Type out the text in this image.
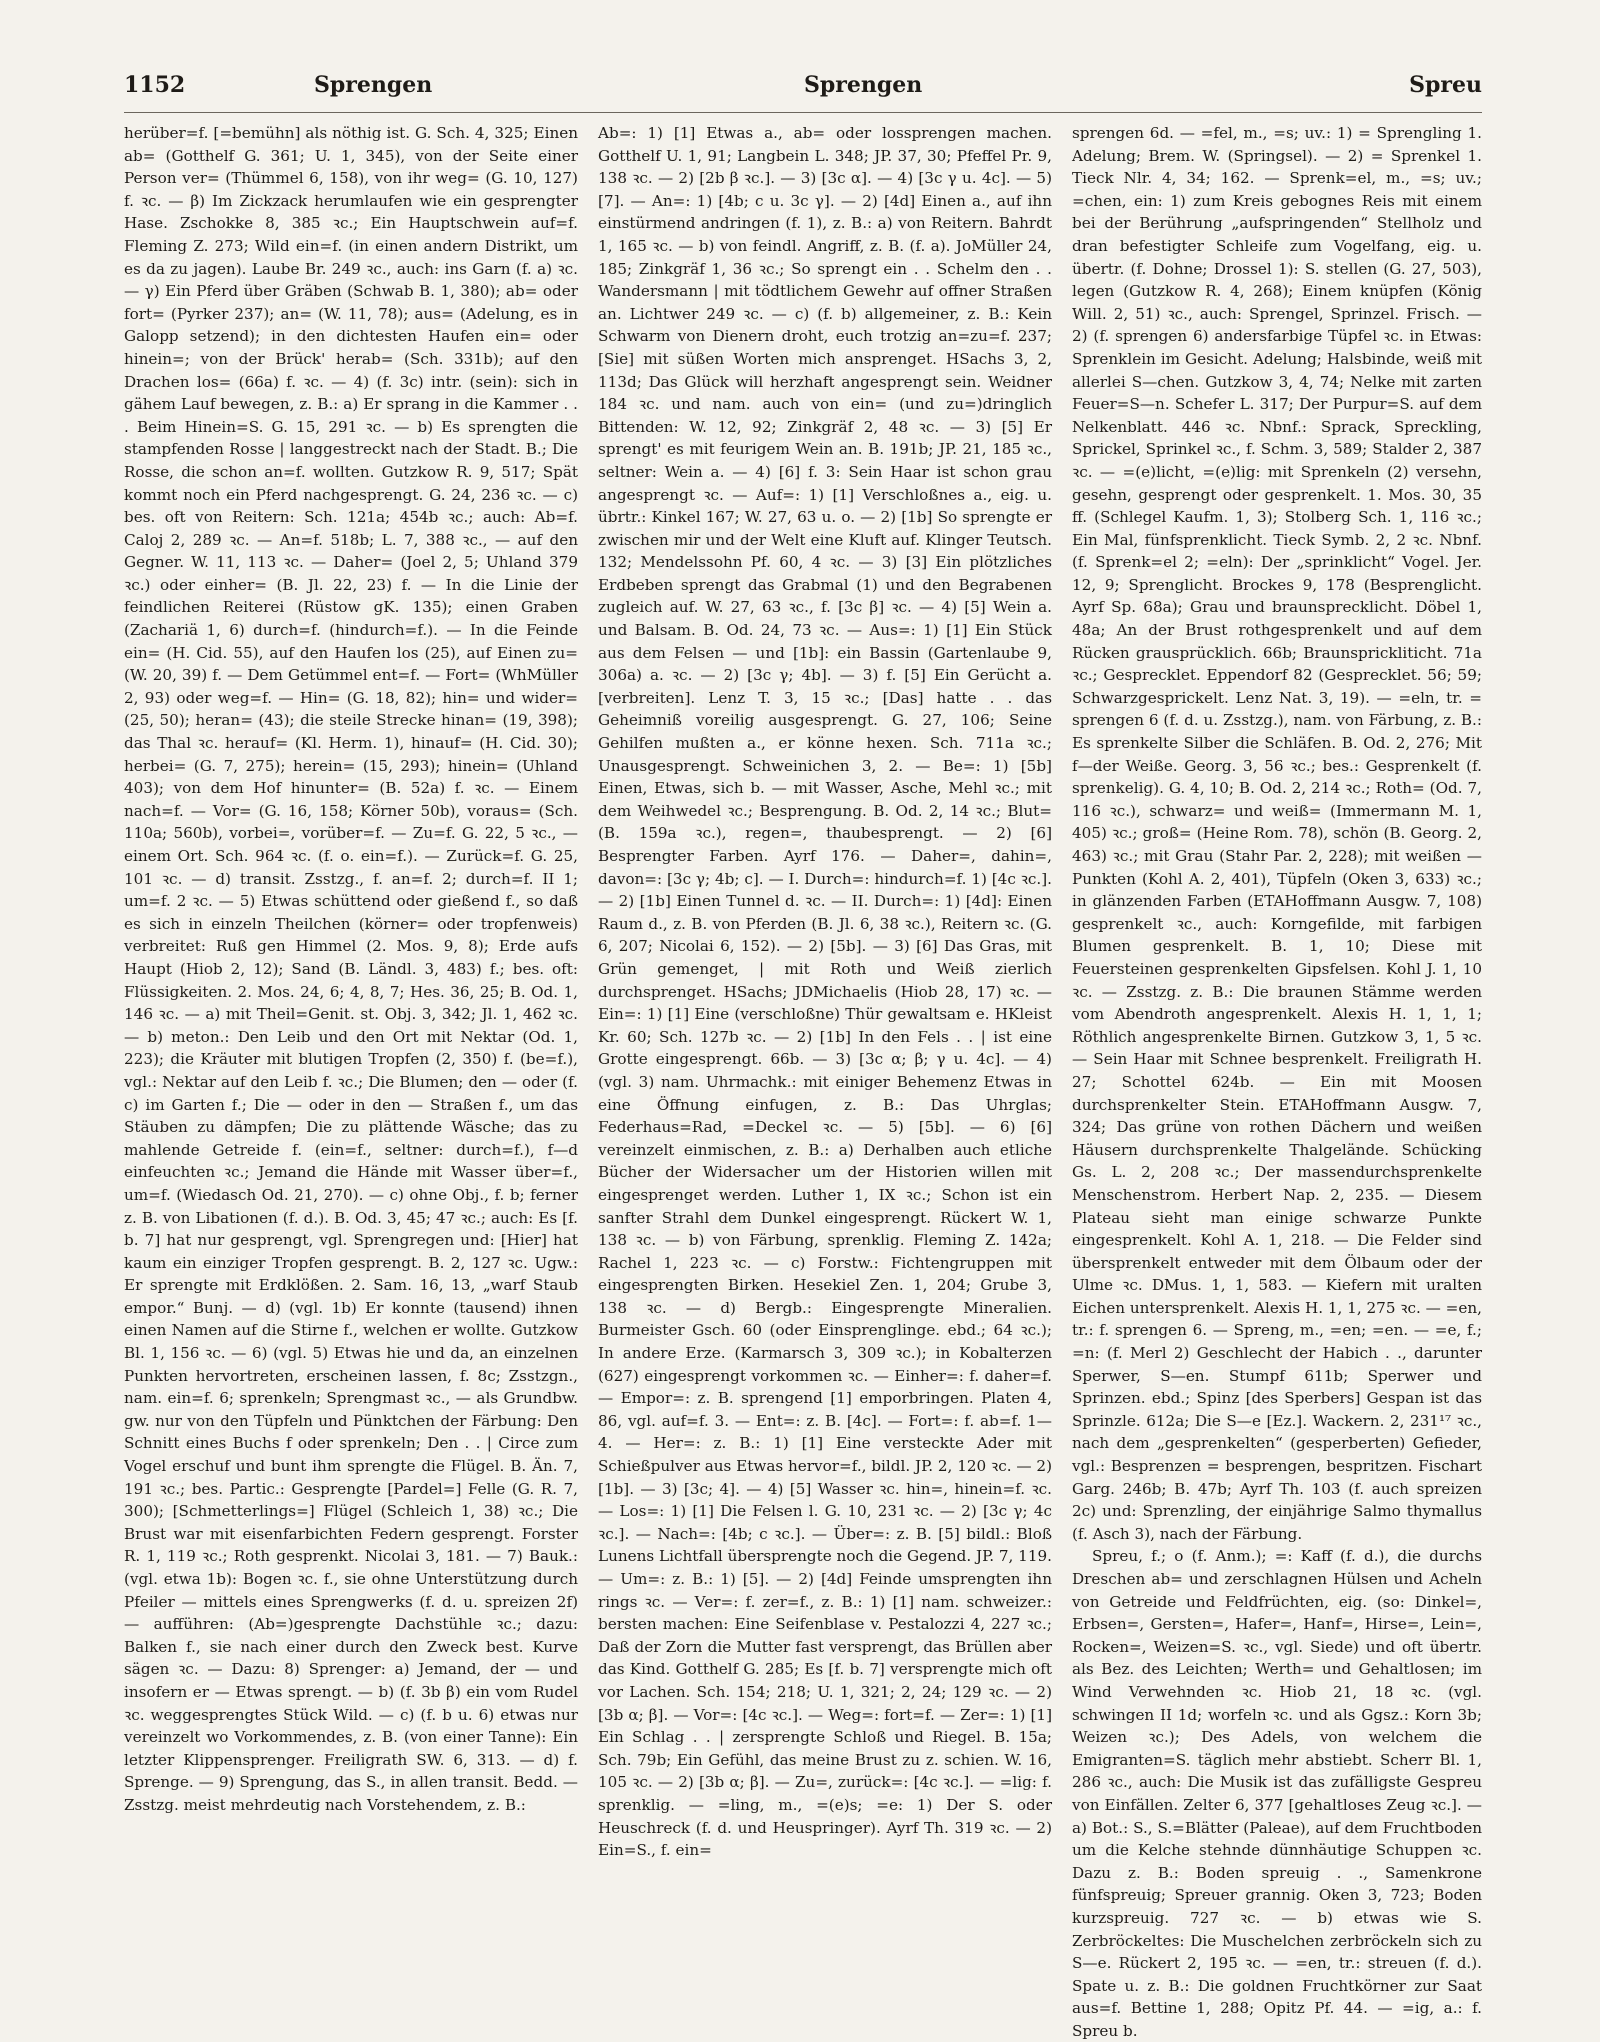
1152	Sprengen	Sprengen	Spreu

herüber=f. [=bemühn] als nöthig ist. G. Sch. 4, 325; Einen ab= (Gotthelf G. 361; U. 1, 345), von der Seite einer Person ver= (Thümmel 6, 158), von ihr weg= (G. 10, 127) f. ꝛc. — β) Im Zickzack herumlaufen wie ein gesprengter Hase. Zschokke 8, 385 ꝛc.; Ein Hauptschwein auf=f. Fleming Z. 273; Wild ein=f. (in einen andern Distrikt, um es da zu jagen). Laube Br. 249 ꝛc., auch: ins Garn (f. a) ꝛc. — γ) Ein Pferd über Gräben (Schwab B. 1, 380); ab= oder fort= (Pyrker 237); an= (W. 11, 78); aus= (Adelung, es in Galopp setzend); in den dichtesten Haufen ein= oder hinein=; von der Brück' herab= (Sch. 331b); auf den Drachen los= (66a) f. ꝛc. — 4) (f. 3c) intr. (sein): sich in gähem Lauf bewegen, z. B.: a) Er sprang in die Kammer . . . Beim Hinein=S. G. 15, 291 ꝛc. — b) Es sprengten die stampfenden Rosse | langgestreckt nach der Stadt. B.; Die Rosse, die schon an=f. wollten. Gutzkow R. 9, 517; Spät kommt noch ein Pferd nachgesprengt. G. 24, 236 ꝛc. — c) bes. oft von Reitern: Sch. 121a; 454b ꝛc.; auch: Ab=f. Caloj 2, 289 ꝛc. — An=f. 518b; L. 7, 388 ꝛc., — auf den Gegner. W. 11, 113 ꝛc. — Daher= (Joel 2, 5; Uhland 379 ꝛc.) oder einher= (B. Jl. 22, 23) f. — In die Linie der feindlichen Reiterei (Rüstow gK. 135); einen Graben (Zachariä 1, 6) durch=f. (hindurch=f.). — In die Feinde ein= (H. Cid. 55), auf den Haufen los (25), auf Einen zu= (W. 20, 39) f. — Dem Getümmel ent=f. — Fort= (WhMüller 2, 93) oder weg=f. — Hin= (G. 18, 82); hin= und wider= (25, 50); heran= (43); die steile Strecke hinan= (19, 398); das Thal ꝛc. herauf= (Kl. Herm. 1), hinauf= (H. Cid. 30); herbei= (G. 7, 275); herein= (15, 293); hinein= (Uhland 403); von dem Hof hinunter= (B. 52a) f. ꝛc. — Einem nach=f. — Vor= (G. 16, 158; Körner 50b), voraus= (Sch. 110a; 560b), vorbei=, vorüber=f. — Zu=f. G. 22, 5 ꝛc., — einem Ort. Sch. 964 ꝛc. (f. o. ein=f.). — Zurück=f. G. 25, 101 ꝛc. — d) transit. Zsstzg., f. an=f. 2; durch=f. II 1; um=f. 2 ꝛc. — 5) Etwas schüttend oder gießend f., so daß es sich in einzeln Theilchen (körner= oder tropfenweis) verbreitet: Ruß gen Himmel (2. Mos. 9, 8); Erde aufs Haupt (Hiob 2, 12); Sand (B. Ländl. 3, 483) f.; bes. oft: Flüssigkeiten. 2. Mos. 24, 6; 4, 8, 7; Hes. 36, 25; B. Od. 1, 146 ꝛc. — a) mit Theil=Genit. st. Obj. 3, 342; Jl. 1, 462 ꝛc. — b) meton.: Den Leib und den Ort mit Nektar (Od. 1, 223); die Kräuter mit blutigen Tropfen (2, 350) f. (be=f.), vgl.: Nektar auf den Leib f. ꝛc.; Die Blumen; den — oder (f. c) im Garten f.; Die — oder in den — Straßen f., um das Stäuben zu dämpfen; Die zu plättende Wäsche; das zu mahlende Getreide f. (ein=f., seltner: durch=f.), f—d einfeuchten ꝛc.; Jemand die Hände mit Wasser über=f., um=f. (Wiedasch Od. 21, 270). — c) ohne Obj., f. b; ferner z. B. von Libationen (f. d.). B. Od. 3, 45; 47 ꝛc.; auch: Es [f. b. 7] hat nur gesprengt, vgl. Sprengregen und: [Hier] hat kaum ein einziger Tropfen gesprengt. B. 2, 127 ꝛc. Ugw.: Er sprengte mit Erdklößen. 2. Sam. 16, 13, „warf Staub empor.“ Bunj. — d) (vgl. 1b) Er konnte (tausend) ihnen einen Namen auf die Stirne f., welchen er wollte. Gutzkow Bl. 1, 156 ꝛc. — 6) (vgl. 5) Etwas hie und da, an einzelnen Punkten hervortreten, erscheinen lassen, f. 8c; Zsstzgn., nam. ein=f. 6; sprenkeln; Sprengmast ꝛc., — als Grundbw. gw. nur von den Tüpfeln und Pünktchen der Färbung: Den Schnitt eines Buchs f oder sprenkeln; Den . . | Circe zum Vogel erschuf und bunt ihm sprengte die Flügel. B. Än. 7, 191 ꝛc.; bes. Partic.: Gesprengte [Pardel=] Felle (G. R. 7, 300); [Schmetterlings=] Flügel (Schleich 1, 38) ꝛc.; Die Brust war mit eisenfarbichten Federn gesprengt. Forster R. 1, 119 ꝛc.; Roth gesprenkt. Nicolai 3, 181. — 7) Bauk.: (vgl. etwa 1b): Bogen ꝛc. f., sie ohne Unterstützung durch Pfeiler — mittels eines Sprengwerks (f. d. u. spreizen 2f) — aufführen: (Ab=)gesprengte Dachstühle ꝛc.; dazu: Balken f., sie nach einer durch den Zweck best. Kurve sägen ꝛc. — Dazu: 8) Sprenger: a) Jemand, der — und insofern er — Etwas sprengt. — b) (f. 3b β) ein vom Rudel ꝛc. weggesprengtes Stück Wild. — c) (f. b u. 6) etwas nur vereinzelt wo Vorkommendes, z. B. (von einer Tanne): Ein letzter Klippensprenger. Freiligrath SW. 6, 313. — d) f. Sprenge. — 9) Sprengung, das S., in allen transit. Bedd. — Zsstzg. meist mehrdeutig nach Vorstehendem, z. B.:

Ab=: 1) [1] Etwas a., ab= oder lossprengen machen. Gotthelf U. 1, 91; Langbein L. 348; JP. 37, 30; Pfeffel Pr. 9, 138 ꝛc. — 2) [2b β ꝛc.]. — 3) [3c α]. — 4) [3c γ u. 4c]. — 5) [7]. — An=: 1) [4b; c u. 3c γ]. — 2) [4d] Einen a., auf ihn einstürmend andringen (f. 1), z. B.: a) von Reitern. Bahrdt 1, 165 ꝛc. — b) von feindl. Angriff, z. B. (f. a). JoMüller 24, 185; Zinkgräf 1, 36 ꝛc.; So sprengt ein . . Schelm den . . Wandersmann | mit tödtlichem Gewehr auf offner Straßen an. Lichtwer 249 ꝛc. — c) (f. b) allgemeiner, z. B.: Kein Schwarm von Dienern droht, euch trotzig an=zu=f. 237; [Sie] mit süßen Worten mich ansprenget. HSachs 3, 2, 113d; Das Glück will herzhaft angesprengt sein. Weidner 184 ꝛc. und nam. auch von ein= (und zu=)dringlich Bittenden: W. 12, 92; Zinkgräf 2, 48 ꝛc. — 3) [5] Er sprengt' es mit feurigem Wein an. B. 191b; JP. 21, 185 ꝛc., seltner: Wein a. — 4) [6] f. 3: Sein Haar ist schon grau angesprengt ꝛc. — Auf=: 1) [1] Verschloßnes a., eig. u. übrtr.: Kinkel 167; W. 27, 63 u. o. — 2) [1b] So sprengte er zwischen mir und der Welt eine Kluft auf. Klinger Teutsch. 132; Mendelssohn Pf. 60, 4 ꝛc. — 3) [3] Ein plötzliches Erdbeben sprengt das Grabmal (1) und den Begrabenen zugleich auf. W. 27, 63 ꝛc., f. [3c β] ꝛc. — 4) [5] Wein a. und Balsam. B. Od. 24, 73 ꝛc. — Aus=: 1) [1] Ein Stück aus dem Felsen — und [1b]: ein Bassin (Gartenlaube 9, 306a) a. ꝛc. — 2) [3c γ; 4b]. — 3) f. [5] Ein Gerücht a. [verbreiten]. Lenz T. 3, 15 ꝛc.; [Das] hatte . . das Geheimniß voreilig ausgesprengt. G. 27, 106; Seine Gehilfen mußten a., er könne hexen. Sch. 711a ꝛc.; Unausgesprengt. Schweinichen 3, 2. — Be=: 1) [5b] Einen, Etwas, sich b. — mit Wasser, Asche, Mehl ꝛc.; mit dem Weihwedel ꝛc.; Besprengung. B. Od. 2, 14 ꝛc.; Blut= (B. 159a ꝛc.), regen=, thaubesprengt. — 2) [6] Besprengter Farben. Ayrf 176. — Daher=, dahin=, davon=: [3c γ; 4b; c]. — I. Durch=: hindurch=f. 1) [4c ꝛc.]. — 2) [1b] Einen Tunnel d. ꝛc. — II. Durch=: 1) [4d]: Einen Raum d., z. B. von Pferden (B. Jl. 6, 38 ꝛc.), Reitern ꝛc. (G. 6, 207; Nicolai 6, 152). — 2) [5b]. — 3) [6] Das Gras, mit Grün gemenget, | mit Roth und Weiß zierlich durchsprenget. HSachs; JDMichaelis (Hiob 28, 17) ꝛc. — Ein=: 1) [1] Eine (verschloßne) Thür gewaltsam e. HKleist Kr. 60; Sch. 127b ꝛc. — 2) [1b] In den Fels . . | ist eine Grotte eingesprengt. 66b. — 3) [3c α; β; γ u. 4c]. — 4) (vgl. 3) nam. Uhrmachk.: mit einiger Behemenz Etwas in eine Öffnung einfugen, z. B.: Das Uhrglas; Federhaus=Rad, =Deckel ꝛc. — 5) [5b]. — 6) [6] vereinzelt einmischen, z. B.: a) Derhalben auch etliche Bücher der Widersacher um der Historien willen mit eingesprenget werden. Luther 1, IX ꝛc.; Schon ist ein sanfter Strahl dem Dunkel eingesprengt. Rückert W. 1, 138 ꝛc. — b) von Färbung, sprenklig. Fleming Z. 142a; Rachel 1, 223 ꝛc. — c) Forstw.: Fichtengruppen mit eingesprengten Birken. Hesekiel Zen. 1, 204; Grube 3, 138 ꝛc. — d) Bergb.: Eingesprengte Mineralien. Burmeister Gsch. 60 (oder Einsprenglinge. ebd.; 64 ꝛc.); In andere Erze. (Karmarsch 3, 309 ꝛc.); in Kobalterzen (627) eingesprengt vorkommen ꝛc. — Einher=: f. daher=f. — Empor=: z. B. sprengend [1] emporbringen. Platen 4, 86, vgl. auf=f. 3. — Ent=: z. B. [4c]. — Fort=: f. ab=f. 1—4. — Her=: z. B.: 1) [1] Eine versteckte Ader mit Schießpulver aus Etwas hervor=f., bildl. JP. 2, 120 ꝛc. — 2) [1b]. — 3) [3c; 4]. — 4) [5] Wasser ꝛc. hin=, hinein=f. ꝛc. — Los=: 1) [1] Die Felsen l. G. 10, 231 ꝛc. — 2) [3c γ; 4c ꝛc.]. — Nach=: [4b; c ꝛc.]. — Über=: z. B. [5] bildl.: Bloß Lunens Lichtfall übersprengte noch die Gegend. JP. 7, 119. — Um=: z. B.: 1) [5]. — 2) [4d] Feinde umsprengten ihn rings ꝛc. — Ver=: f. zer=f., z. B.: 1) [1] nam. schweizer.: bersten machen: Eine Seifenblase v. Pestalozzi 4, 227 ꝛc.; Daß der Zorn die Mutter fast versprengt, das Brüllen aber das Kind. Gotthelf G. 285; Es [f. b. 7] versprengte mich oft vor Lachen. Sch. 154; 218; U. 1, 321; 2, 24; 129 ꝛc. — 2) [3b α; β]. — Vor=: [4c ꝛc.]. — Weg=: fort=f. — Zer=: 1) [1] Ein Schlag . . | zersprengte Schloß und Riegel. B. 15a; Sch. 79b; Ein Gefühl, das meine Brust zu z. schien. W. 16, 105 ꝛc. — 2) [3b α; β]. — Zu=, zurück=: [4c ꝛc.]. — =lig: f. sprenklig. — =ling, m., =(e)s; =e: 1) Der S. oder Heuschreck (f. d. und Heuspringer). Ayrf Th. 319 ꝛc. — 2) Ein=S., f. ein=

sprengen 6d. — =fel, m., =s; uv.: 1) = Sprengling 1. Adelung; Brem. W. (Springsel). — 2) = Sprenkel 1. Tieck Nlr. 4, 34; 162. — Sprenk=el, m., =s; uv.; =chen, ein: 1) zum Kreis gebognes Reis mit einem bei der Berührung „aufspringenden“ Stellholz und dran befestigter Schleife zum Vogelfang, eig. u. übertr. (f. Dohne; Drossel 1): S. stellen (G. 27, 503), legen (Gutzkow R. 4, 268); Einem knüpfen (König Will. 2, 51) ꝛc., auch: Sprengel, Sprinzel. Frisch. — 2) (f. sprengen 6) andersfarbige Tüpfel ꝛc. in Etwas: Sprenklein im Gesicht. Adelung; Halsbinde, weiß mit allerlei S—chen. Gutzkow 3, 4, 74; Nelke mit zarten Feuer=S—n. Schefer L. 317; Der Purpur=S. auf dem Nelkenblatt. 446 ꝛc. Nbnf.: Sprack, Spreckling, Sprickel, Sprinkel ꝛc., f. Schm. 3, 589; Stalder 2, 387 ꝛc. — =(e)licht, =(e)lig: mit Sprenkeln (2) versehn, gesehn, gesprengt oder gesprenkelt. 1. Mos. 30, 35 ff. (Schlegel Kaufm. 1, 3); Stolberg Sch. 1, 116 ꝛc.; Ein Mal, fünfsprenklicht. Tieck Symb. 2, 2 ꝛc. Nbnf. (f. Sprenk=el 2; =eln): Der „sprinklicht“ Vogel. Jer. 12, 9; Sprenglicht. Brockes 9, 178 (Besprenglicht. Ayrf Sp. 68a); Grau und braunsprecklicht. Döbel 1, 48a; An der Brust rothgesprenkelt und auf dem Rücken grausprücklich. 66b; Braunsprickliticht. 71a ꝛc.; Gesprecklet. Eppendorf 82 (Gesprecklet. 56; 59; Schwarzgesprickelt. Lenz Nat. 3, 19). — =eln, tr. = sprengen 6 (f. d. u. Zsstzg.), nam. von Färbung, z. B.: Es sprenkelte Silber die Schläfen. B. Od. 2, 276; Mit f—der Weiße. Georg. 3, 56 ꝛc.; bes.: Gesprenkelt (f. sprenkelig). G. 4, 10; B. Od. 2, 214 ꝛc.; Roth= (Od. 7, 116 ꝛc.), schwarz= und weiß= (Immermann M. 1, 405) ꝛc.; groß= (Heine Rom. 78), schön (B. Georg. 2, 463) ꝛc.; mit Grau (Stahr Par. 2, 228); mit weißen — Punkten (Kohl A. 2, 401), Tüpfeln (Oken 3, 633) ꝛc.; in glänzenden Farben (ETAHoffmann Ausgw. 7, 108) gesprenkelt ꝛc., auch: Korngefilde, mit farbigen Blumen gesprenkelt. B. 1, 10; Diese mit Feuersteinen gesprenkelten Gipsfelsen. Kohl J. 1, 10 ꝛc. — Zsstzg. z. B.: Die braunen Stämme werden vom Abendroth angesprenkelt. Alexis H. 1, 1, 1; Röthlich angesprenkelte Birnen. Gutzkow 3, 1, 5 ꝛc. — Sein Haar mit Schnee besprenkelt. Freiligrath H. 27; Schottel 624b. — Ein mit Moosen durchsprenkelter Stein. ETAHoffmann Ausgw. 7, 324; Das grüne von rothen Dächern und weißen Häusern durchsprenkelte Thalgelände. Schücking Gs. L. 2, 208 ꝛc.; Der massendurchsprenkelte Menschenstrom. Herbert Nap. 2, 235. — Diesem Plateau sieht man einige schwarze Punkte eingesprenkelt. Kohl A. 1, 218. — Die Felder sind übersprenkelt entweder mit dem Ölbaum oder der Ulme ꝛc. DMus. 1, 1, 583. — Kiefern mit uralten Eichen untersprenkelt. Alexis H. 1, 1, 275 ꝛc. — =en, tr.: f. sprengen 6. — Spreng, m., =en; =en. — =e, f.; =n: (f. Merl 2) Geschlecht der Habich . ., darunter Sperwer, S—en. Stumpf 611b; Sperwer und Sprinzen. ebd.; Spinz [des Sperbers] Gespan ist das Sprinzle. 612a; Die S—e [Ez.]. Wackern. 2, 231¹⁷ ꝛc., nach dem „gesprenkelten“ (gesperberten) Gefieder, vgl.: Besprenzen = besprengen, bespritzen. Fischart Garg. 246b; B. 47b; Ayrf Th. 103 (f. auch spreizen 2c) und: Sprenzling, der einjährige Salmo thymallus (f. Asch 3), nach der Färbung.

Spreu, f.; o (f. Anm.); =: Kaff (f. d.), die durchs Dreschen ab= und zerschlagnen Hülsen und Acheln von Getreide und Feldfrüchten, eig. (so: Dinkel=, Erbsen=, Gersten=, Hafer=, Hanf=, Hirse=, Lein=, Rocken=, Weizen=S. ꝛc., vgl. Siede) und oft übertr. als Bez. des Leichten; Werth= und Gehaltlosen; im Wind Verwehnden ꝛc. Hiob 21, 18 ꝛc. (vgl. schwingen II 1d; worfeln ꝛc. und als Ggsz.: Korn 3b; Weizen ꝛc.); Des Adels, von welchem die Emigranten=S. täglich mehr abstiebt. Scherr Bl. 1, 286 ꝛc., auch: Die Musik ist das zufälligste Gespreu von Einfällen. Zelter 6, 377 [gehaltloses Zeug ꝛc.]. — a) Bot.: S., S.=Blätter (Paleae), auf dem Fruchtboden um die Kelche stehnde dünnhäutige Schuppen ꝛc. Dazu z. B.: Boden spreuig . ., Samenkrone fünfspreuig; Spreuer grannig. Oken 3, 723; Boden kurzspreuig. 727 ꝛc. — b) etwas wie S. Zerbröckeltes: Die Muschelchen zerbröckeln sich zu S—e. Rückert 2, 195 ꝛc. — =en, tr.: streuen (f. d.). Spate u. z. B.: Die goldnen Fruchtkörner zur Saat aus=f. Bettine 1, 288; Opitz Pf. 44. — =ig, a.: f. Spreu b.
